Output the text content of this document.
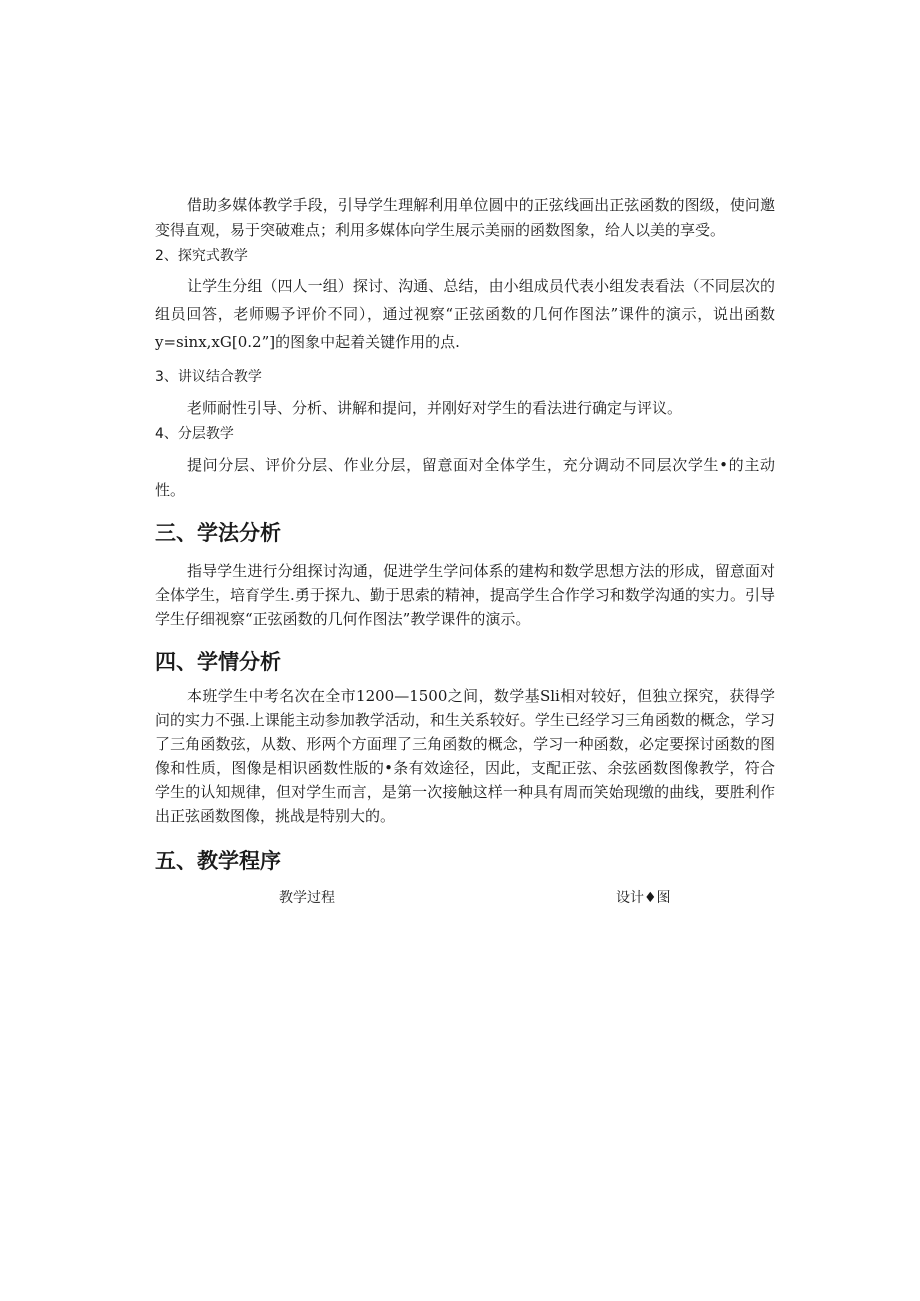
借助多媒体教学手段，引导学生理解利用单位圆中的正弦线画出正弦函数的图级，使问邀变得直观，易于突破难点；利用多媒体向学生展示美丽的函数图象，给人以美的享受。

2、探究式教学

让学生分组（四人一组）探讨、沟通、总结，由小组成员代表小组发表看法（不同层次的组员回答，老师赐予评价不同），通过视察“正弦函数的几何作图法”课件的演示，说出函数y=sinx,xG[0.2”]的图象中起着关键作用的点.

3、讲议结合教学

老师耐性引导、分析、讲解和提问，并刚好对学生的看法进行确定与评议。

4、分层教学

提问分层、评价分层、作业分层，留意面对全体学生，充分调动不同层次学生•的主动性。

三、学法分析

指导学生进行分组探讨沟通，促进学生学问体系的建构和数学思想方法的形成，留意面对全体学生，培育学生.勇于探九、勤于思索的精神，提高学生合作学习和数学沟通的实力。引导学生仔细视察“正弦函数的几何作图法”教学课件的演示。

四、学情分析

本班学生中考名次在全市1200—1500之间，数学基Sli相对较好，但独立探究，获得学问的实力不强.上课能主动参加教学活动，和生关系较好。学生已经学习三角函数的概念，学习了三角函数弦，从数、形两个方面理了三角函数的概念，学习一种函数，必定要探讨函数的图像和性质，图像是相识函数性版的•条有效途径，因此，支配正弦、余弦函数图像教学，符合学生的认知规律，但对学生而言，是第一次接触这样一种具有周而笑始现缴的曲线，要胜利作出正弦函数图像，挑战是特别大的。

五、教学程序

教学过程	设计♦图
